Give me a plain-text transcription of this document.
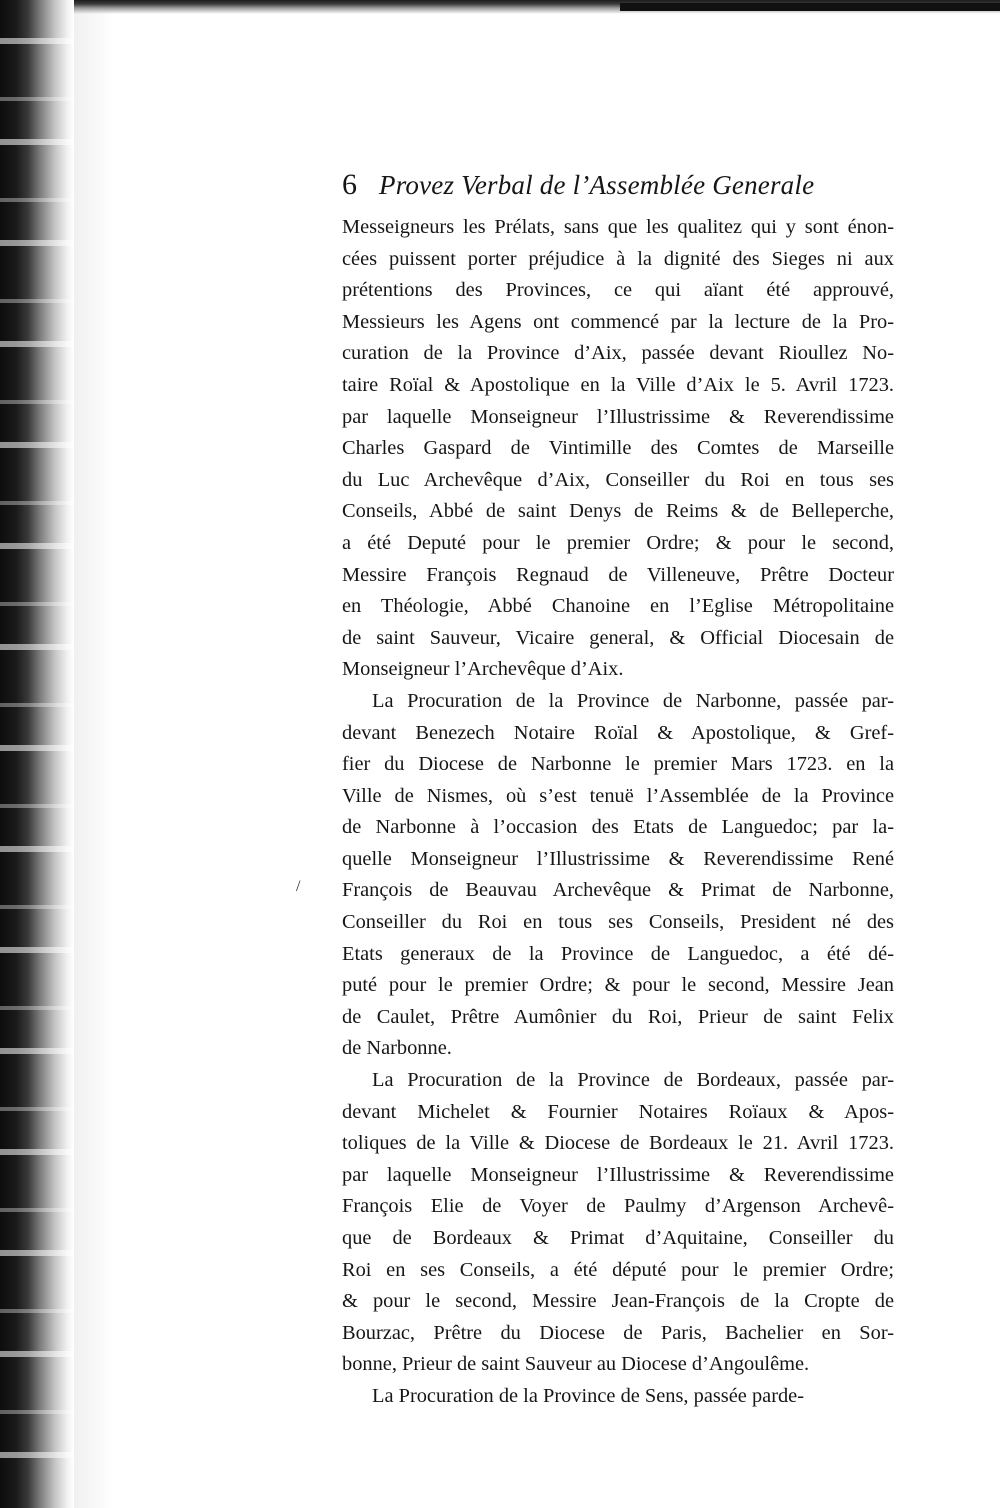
/
6 Provez Verbal de l’Assemblée Generale
Messeigneurs les Prélats, sans que les qualitez qui y sont énon-
cées puissent porter préjudice à la dignité des Sieges ni aux
prétentions des Provinces, ce qui aïant été approuvé,
Messieurs les Agens ont commencé par la lecture de la Pro-
curation de la Province d’Aix, passée devant Rioullez No-
taire Roïal & Apostolique en la Ville d’Aix le 5. Avril 1723.
par laquelle Monseigneur l’Illustrissime & Reverendissime
Charles Gaspard de Vintimille des Comtes de Marseille
du Luc Archevêque d’Aix, Conseiller du Roi en tous ses
Conseils, Abbé de saint Denys de Reims & de Belleperche,
a été Deputé pour le premier Ordre; & pour le second,
Messire François Regnaud de Villeneuve, Prêtre Docteur
en Théologie, Abbé Chanoine en l’Eglise Métropolitaine
de saint Sauveur, Vicaire general, & Official Diocesain de
Monseigneur l’Archevêque d’Aix.
La Procuration de la Province de Narbonne, passée par-
devant Benezech Notaire Roïal & Apostolique, & Gref-
fier du Diocese de Narbonne le premier Mars 1723. en la
Ville de Nismes, où s’est tenuë l’Assemblée de la Province
de Narbonne à l’occasion des Etats de Languedoc; par la-
quelle Monseigneur l’Illustrissime & Reverendissime René
François de Beauvau Archevêque & Primat de Narbonne,
Conseiller du Roi en tous ses Conseils, President né des
Etats generaux de la Province de Languedoc, a été dé-
puté pour le premier Ordre; & pour le second, Messire Jean
de Caulet, Prêtre Aumônier du Roi, Prieur de saint Felix
de Narbonne.
La Procuration de la Province de Bordeaux, passée par-
devant Michelet & Fournier Notaires Roïaux & Apos-
toliques de la Ville & Diocese de Bordeaux le 21. Avril 1723.
par laquelle Monseigneur l’Illustrissime & Reverendissime
François Elie de Voyer de Paulmy d’Argenson Archevê-
que de Bordeaux & Primat d’Aquitaine, Conseiller du
Roi en ses Conseils, a été député pour le premier Ordre;
& pour le second, Messire Jean-François de la Cropte de
Bourzac, Prêtre du Diocese de Paris, Bachelier en Sor-
bonne, Prieur de saint Sauveur au Diocese d’Angoulême.
La Procuration de la Province de Sens, passée parde-
